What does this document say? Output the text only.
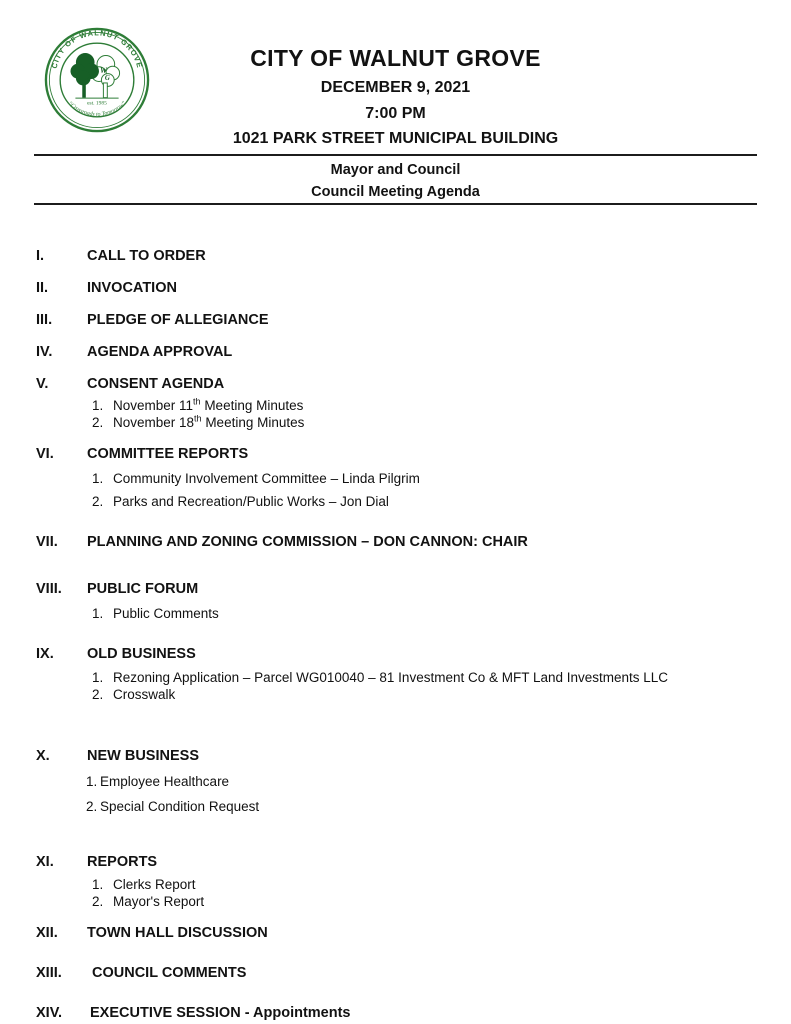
W
G
est. 1985
CITY OF WALNUT GROVE
“Crossroads to Tomorrow”
CITY OF WALNUT GROVE
DECEMBER 9, 2021
7:00 PM
1021 PARK STREET MUNICIPAL BUILDING
Mayor and Council
Council Meeting Agenda
I.	CALL TO ORDER
II.	INVOCATION
III.	PLEDGE OF ALLEGIANCE
IV.	AGENDA APPROVAL
V.	CONSENT AGENDA
1. November 11th Meeting Minutes
2. November 18th Meeting Minutes
VI.	COMMITTEE REPORTS
1. Community Involvement Committee – Linda Pilgrim
2. Parks and Recreation/Public Works – Jon Dial
VII.	PLANNING AND ZONING COMMISSION – DON CANNON: CHAIR
VIII.	PUBLIC FORUM
1. Public Comments
IX.	OLD BUSINESS
1. Rezoning Application – Parcel WG010040 – 81 Investment Co & MFT Land Investments LLC
2. Crosswalk
X.	NEW BUSINESS
1. Employee Healthcare
2. Special Condition Request
XI.	REPORTS
1. Clerks Report
2. Mayor's Report
XII.	TOWN HALL DISCUSSION
XIII.	COUNCIL COMMENTS
XIV.	EXECUTIVE SESSION - Appointments
